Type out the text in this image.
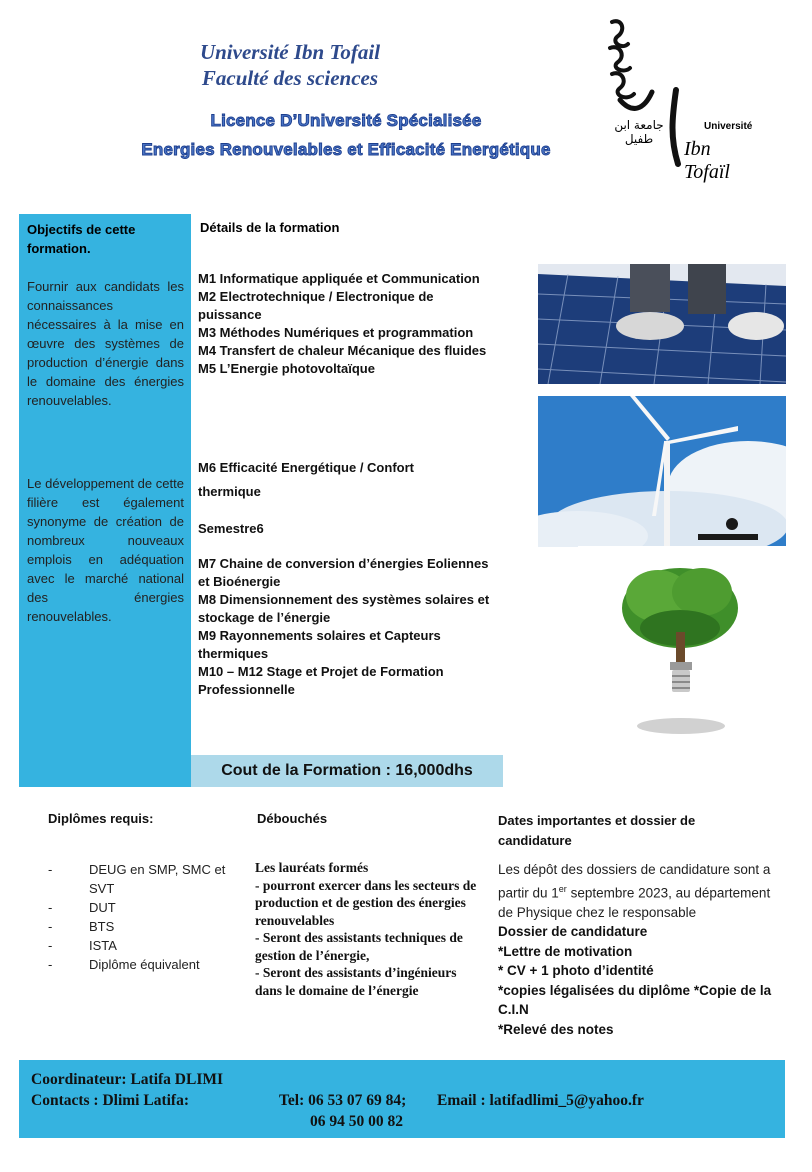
Université Ibn Tofail
Faculté des sciences
Licence D’Université Spécialisée
Energies Renouvelables et Efficacité Energétique
جامعة ابن طفيل
Université
Ibn Tofaïl
Objectifs de cette
formation.
Fournir aux candidats les connaissances nécessaires à la mise en œuvre des systèmes de production d’énergie dans le domaine des énergies renouvelables.
Le développement de cette filière est également synonyme de création de nombreux nouveaux emplois en adéquation avec le marché national des énergies renouvelables.
Détails de la formation
M1 Informatique appliquée et Communication
M2 Electrotechnique / Electronique de puissance
M3 Méthodes Numériques et programmation
M4 Transfert de chaleur Mécanique des fluides
M5 L’Energie photovoltaïque
M6 Efficacité Energétique / Confort
thermique
Semestre6
M7 Chaine de conversion d’énergies Eoliennes et Bioénergie
M8 Dimensionnement des systèmes solaires et stockage de l’énergie
M9 Rayonnements solaires et Capteurs thermiques
M10 – M12 Stage et Projet de Formation Professionnelle
Cout de la Formation : 16,000dhs
Diplômes requis:
-	DEUG en SMP, SMC et SVT
-	DUT
-	BTS
-	ISTA
-	Diplôme équivalent
Débouchés
Les lauréats formés
- pourront exercer dans les secteurs de production et de gestion des énergies renouvelables
- Seront des assistants techniques de gestion de l’énergie,
- Seront des assistants d’ingénieurs dans le domaine de l’énergie
Dates importantes et dossier de candidature
Les dépôt des dossiers de candidature sont a partir du 1er septembre 2023, au département de Physique chez le responsable
Dossier de candidature
*Lettre de motivation
* CV + 1 photo d’identité
*copies légalisées du diplôme *Copie de la C.I.N
*Relevé des notes
Coordinateur: Latifa DLIMI
Contacts : Dlimi Latifa:	Tel: 06 53 07 69 84; Email : latifadlimi_5@yahoo.fr
06 94 50 00 82
